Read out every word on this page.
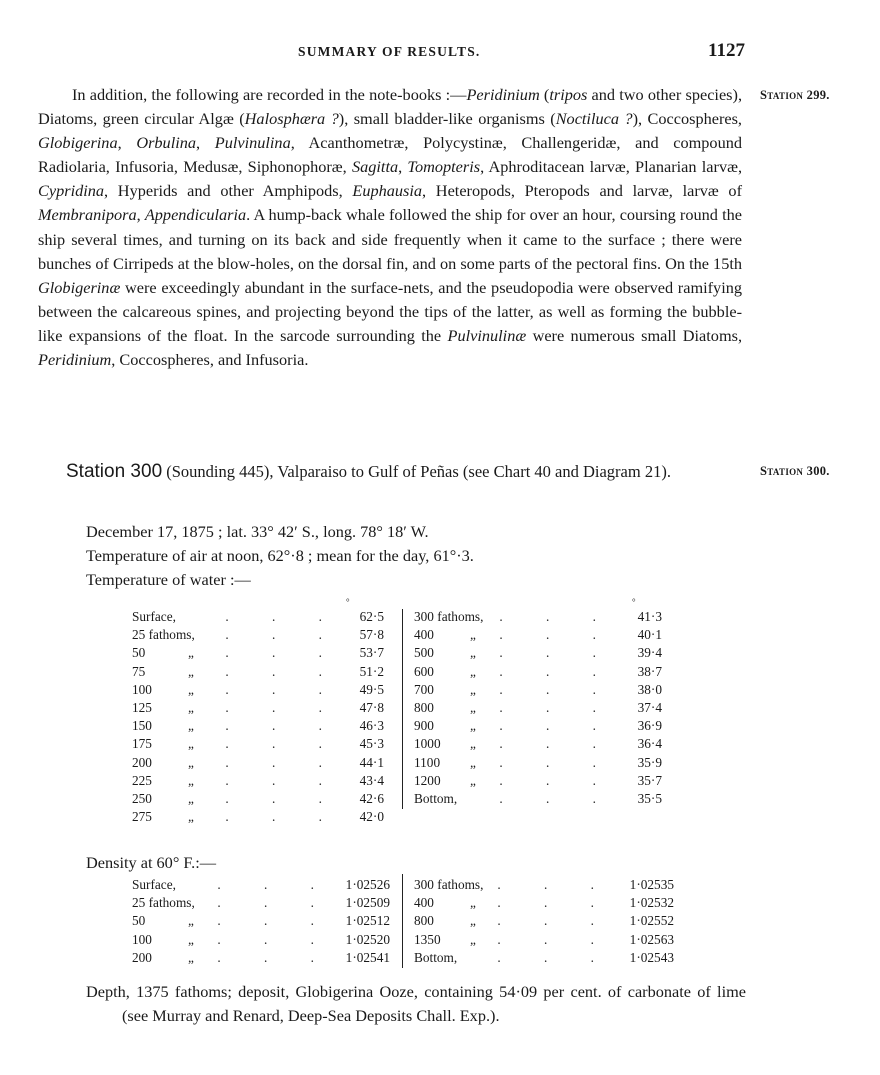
SUMMARY OF RESULTS.	1127
Station 299.
Station 300.

In addition, the following are recorded in the note-books :—Peridinium (tripos and two other species), Diatoms, green circular Algæ (Halosphæra ?), small bladder-like organisms (Noctiluca ?), Coccospheres, Globigerina, Orbulina, Pulvinulina, Acanthometræ, Polycystinæ, Challengeridæ, and compound Radiolaria, Infusoria, Medusæ, Siphonophoræ, Sagitta, Tomopteris, Aphroditacean larvæ, Planarian larvæ, Cypridina, Hyperids and other Amphipods, Euphausia, Heteropods, Pteropods and larvæ, larvæ of Membranipora, Appendicularia. A hump-back whale followed the ship for over an hour, coursing round the ship several times, and turning on its back and side frequently when it came to the surface ; there were bunches of Cirripeds at the blow-holes, on the dorsal fin, and on some parts of the pectoral fins. On the 15th Globigerinæ were exceedingly abundant in the surface-nets, and the pseudopodia were observed ramifying between the calcareous spines, and projecting beyond the tips of the latter, as well as forming the bubble-like expansions of the float. In the sarcode surrounding the Pulvinulinæ were numerous small Diatoms, Peridinium, Coccospheres, and Infusoria.

Station 300 (Sounding 445), Valparaiso to Gulf of Peñas (see Chart 40 and Diagram 21).
December 17, 1875 ; lat. 33° 42′ S., long. 78° 18′ W.
Temperature of air at noon, 62°·8 ; mean for the day, 61°·3.
Temperature of water :—
°	°
Surface,		. . .	62·5
25 fathoms,		. . .	57·8
50	„	. . .	53·7
75	„	. . .	51·2
100	„	. . .	49·5
125	„	. . .	47·8
150	„	. . .	46·3
175	„	. . .	45·3
200	„	. . .	44·1
225	„	. . .	43·4
250	„	. . .	42·6
275	„	. . .	42·0
300 fathoms,		. . .	41·3
400	„	. . .	40·1
500	„	. . .	39·4
600	„	. . .	38·7
700	„	. . .	38·0
800	„	. . .	37·4
900	„	. . .	36·9
1000	„	. . .	36·4
1100	„	. . .	35·9
1200	„	. . .	35·7
Bottom,		. . .	35·5
Density at 60° F.:—
Surface,		. . .	1·02526
25 fathoms,		. . .	1·02509
50	„	. . .	1·02512
100	„	. . .	1·02520
200	„	. . .	1·02541
300 fathoms,		. . .	1·02535
400	„	. . .	1·02532
800	„	. . .	1·02552
1350	„	. . .	1·02563
Bottom,		. . .	1·02543

Depth, 1375 fathoms; deposit, Globigerina Ooze, containing 54·09 per cent. of carbonate of lime (see Murray and Renard, Deep-Sea Deposits Chall. Exp.).
